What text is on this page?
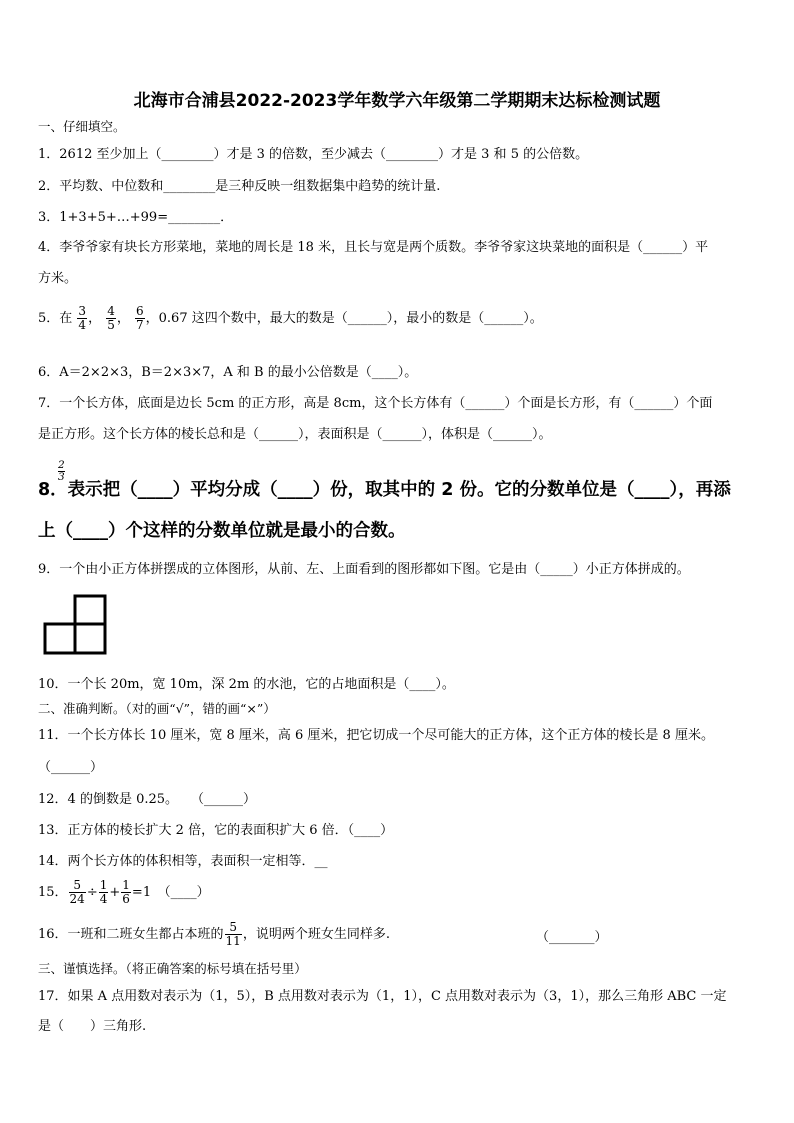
北海市合浦县2022-2023学年数学六年级第二学期期末达标检测试题
一、仔细填空。
1．2612 至少加上（________）才是 3 的倍数，至少减去（________）才是 3 和 5 的公倍数。
2．平均数、中位数和________是三种反映一组数据集中趋势的统计量.
3．1+3+5+…+99=________．
4．李爷爷家有块长方形菜地，菜地的周长是 18 米，且长与宽是两个质数。李爷爷家这块菜地的面积是（______）平
方米。
5．在 $\frac{3}{4}$ ， $\frac{4}{5}$ ， $\frac{6}{7}$ ，0.67 这四个数中，最大的数是（______），最小的数是（______）。
6．A＝2×2×3，B＝2×3×7，A 和 B 的最小公倍数是（____）。
7．一个长方体，底面是边长 5cm 的正方形，高是 8cm，这个长方体有（______）个面是长方形，有（______）个面
是正方形。这个长方体的棱长总和是（______），表面积是（______），体积是（______）。
2
3
8．表示把（____）平均分成（____）份，取其中的 2 份。它的分数单位是（____），再添
上（____）个这样的分数单位就是最小的合数。
9．一个由小正方体拼摆成的立体图形，从前、左、上面看到的图形都如下图。它是由（_____）小正方体拼成的。
10．一个长 20m，宽 10m，深 2m 的水池，它的占地面积是（____）。
二、准确判断。（对的画“√”，错的画“×”）
11．一个长方体长 10 厘米，宽 8 厘米，高 6 厘米，把它切成一个尽可能大的正方体，这个正方体的棱长是 8 厘米。
（______）
12．4 的倒数是 0.25。　　（______）
13．正方体的棱长扩大 2 倍，它的表面积扩大 6 倍．（____）
14．两个长方体的体积相等，表面积一定相等．__
15． $\frac{5}{24} \div \frac{1}{4} + \frac{1}{6} =1$　（____）
16．一班和二班女生都占本班的 $\frac{5}{11}$ ，说明两个班女生同样多.	（_______）
三、谨慎选择。（将正确答案的标号填在括号里）
17．如果 A 点用数对表示为（1，5），B 点用数对表示为（1，1），C 点用数对表示为（3，1），那么三角形 ABC 一定
是（　　）三角形.
